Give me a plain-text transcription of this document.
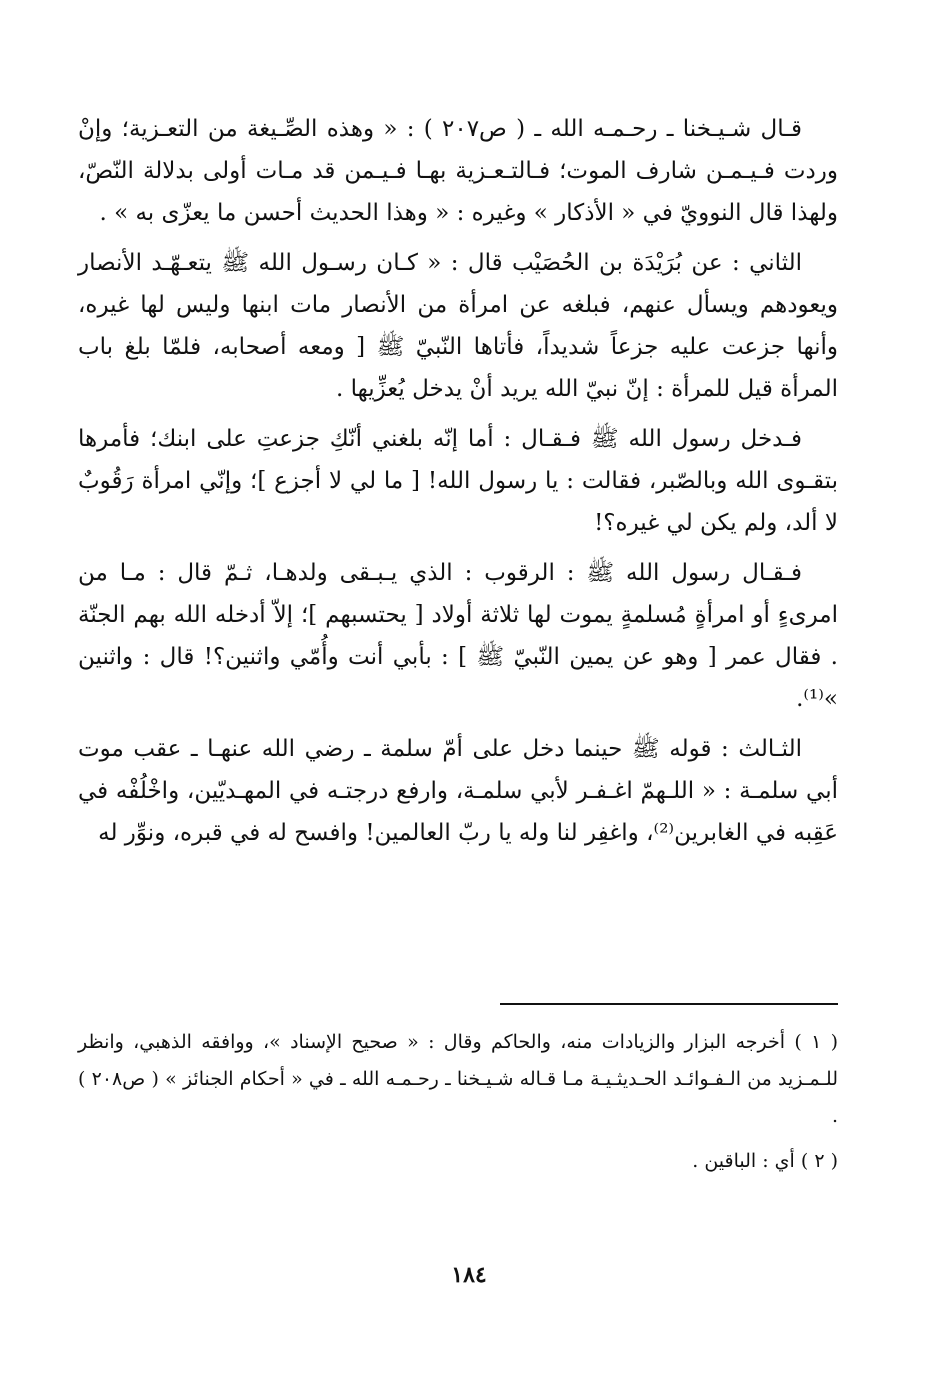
قـال شـيـخنا ـ رحـمـه الله ـ ( ص٢٠٧ ) : « وهذه الصِّـيغة من التعـزية؛ وإنْ وردت فـيـمـن شارف الموت؛ فـالتـعـزية بهـا فـيـمن قد مـات أولى بدلالة النّصّ، ولهذا قال النوويّ في « الأذكار » وغيره : « وهذا الحديث أحسن ما يعزّى به » .

الثاني : عن بُرَيْدَة بن الحُصَيْب قال : « كـان رسـول الله ﷺ يتعـهّـد الأنصار ويعودهم ويسأل عنهم، فبلغه عن امرأة من الأنصار مات ابنها وليس لها غيره، وأنها جزعت عليه جزعاً شديداً، فأتاها النّبيّ ﷺ [ ومعه أصحابه، فلمّا بلغ باب المرأة قيل للمرأة : إنّ نبيّ الله يريد أنْ يدخل يُعزِّيها .

فـدخل رسول الله ﷺ فـقـال : أما إنّه بلغني أنّكِ جزعتِ على ابنك؛ فأمرها بتقـوى الله وبالصّبر، فقالت : يا رسول الله! [ ما لي لا أجزع ]؛ وإنّي امرأة رَقُوبٌ لا ألد، ولم يكن لي غيره؟!

فـقـال رسول الله ﷺ : الرقوب : الذي يـبـقى ولدهـا، ثـمّ قال : مـا من امرىءٍ أو امرأةٍ مُسلمةٍ يموت لها ثلاثة أولاد [ يحتسبهم ]؛ إلاّ أدخله الله بهم الجنّة . فقال عمر [ وهو عن يمين النّبيّ ﷺ ] : بأبي أنت وأُمّي واثنين؟! قال : واثنين »⁽¹⁾.

الثـالث : قوله ﷺ حينما دخل على أمّ سلمة ـ رضي الله عنهـا ـ عقب موت أبي سلمـة : « اللـهمّ اغـفـر لأبي سلمـة، وارفع درجتـه في المهـديّين، واخْلُفْه في عَقِبه في الغابرين⁽²⁾، واغفِر لنا وله يا ربّ العالمين! وافسح له في قبره، ونوِّر له

( ١ ) أخرجه البزار والزيادات منه، والحاكم وقال : « صحيح الإسناد »، ووافقه الذهبي، وانظر للـمـزيد من الـفـوائـد الحـديثـيـة مـا قـاله شـيـخنا ـ رحـمـه الله ـ في « أحكام الجنائز » ( ص٢٠٨ ) .

( ٢ ) أي : الباقين .

١٨٤
